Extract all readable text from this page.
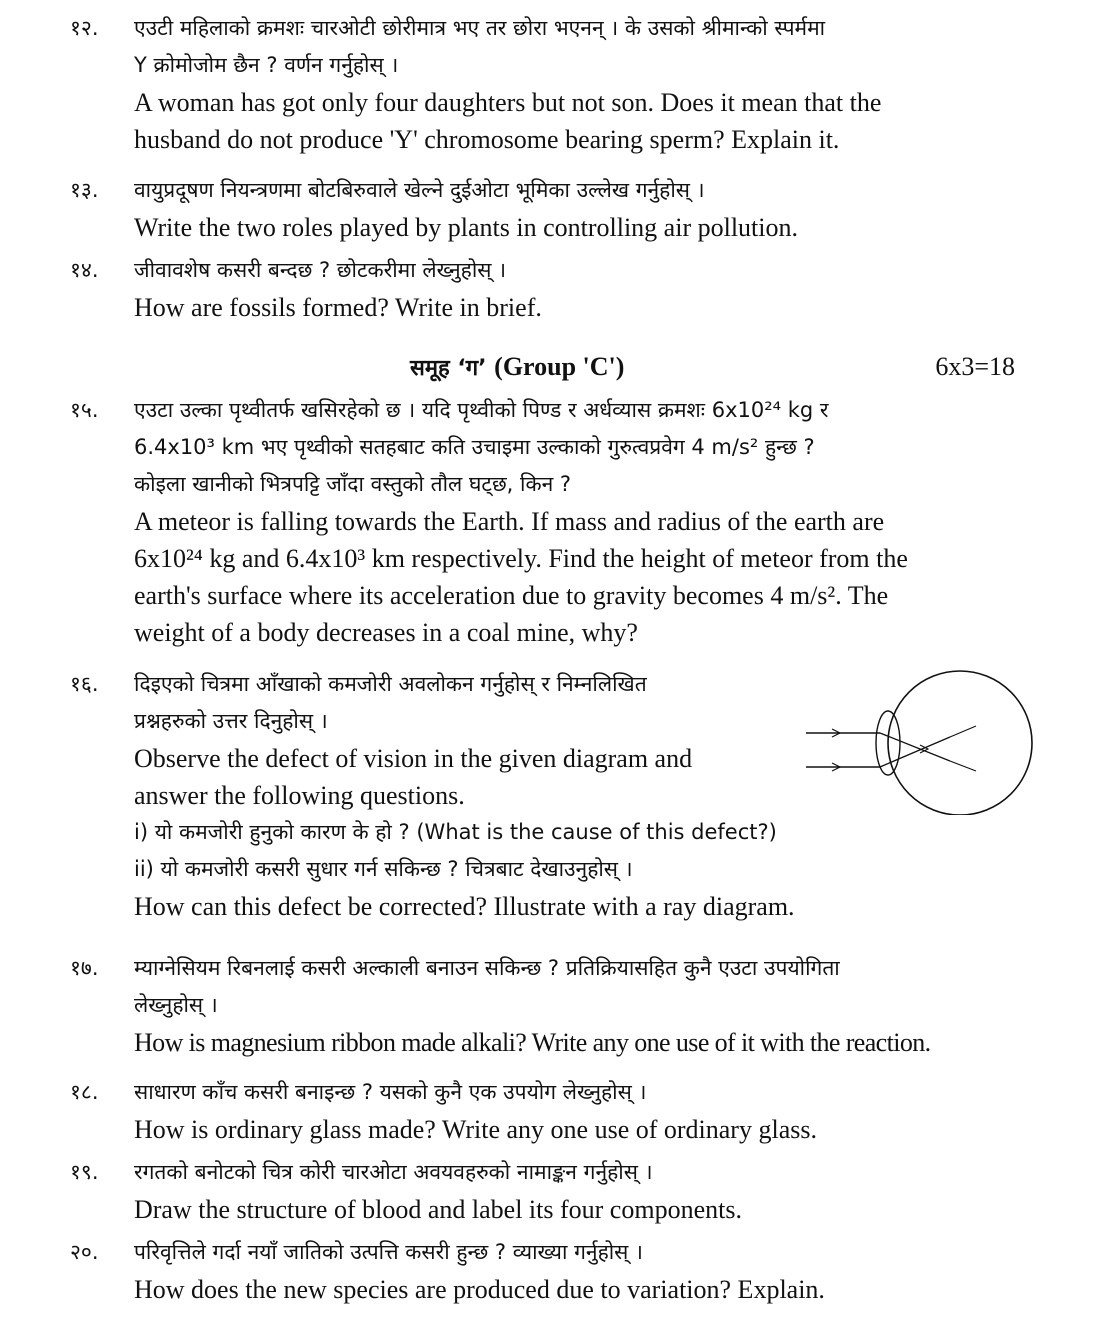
१२.	एउटी महिलाको क्रमशः चारओटी छोरीमात्र भए तर छोरा भएनन् । के उसको श्रीमान्को स्पर्ममा

Y क्रोमोजोम छैन ? वर्णन गर्नुहोस् ।

A woman has got only four daughters but not son. Does it mean that the

husband do not produce 'Y' chromosome bearing sperm? Explain it.

१३.	वायुप्रदूषण नियन्त्रणमा बोटबिरुवाले खेल्ने दुईओटा भूमिका उल्लेख गर्नुहोस् ।

Write the two roles played by plants in controlling air pollution.

१४.	जीवावशेष कसरी बन्दछ ? छोटकरीमा लेख्नुहोस् ।

How are fossils formed? Write in brief.

समूह ‘ग’ (Group 'C')	6x3=18
१५.	एउटा उल्का पृथ्वीतर्फ खसिरहेको छ । यदि पृथ्वीको पिण्ड र अर्धव्यास क्रमशः 6x10²⁴ kg र

6.4x10³ km भए पृथ्वीको सतहबाट कति उचाइमा उल्काको गुरुत्वप्रवेग 4 m/s² हुन्छ ?

कोइला खानीको भित्रपट्टि जाँदा वस्तुको तौल घट्छ, किन ?

A meteor is falling towards the Earth. If mass and radius of the earth are

6x10²⁴ kg and 6.4x10³ km respectively. Find the height of meteor from the

earth's surface where its acceleration due to gravity becomes 4 m/s². The

weight of a body decreases in a coal mine, why?

१६.	दिइएको चित्रमा आँखाको कमजोरी अवलोकन गर्नुहोस् र निम्नलिखित

प्रश्नहरुको उत्तर दिनुहोस् ।

Observe the defect of vision in the given diagram and

answer the following questions.

i) यो कमजोरी हुनुको कारण के हो ? (What is the cause of this defect?)

ii) यो कमजोरी कसरी सुधार गर्न सकिन्छ ? चित्रबाट देखाउनुहोस् ।

How can this defect be corrected? Illustrate with a ray diagram.

१७.	म्याग्नेसियम रिबनलाई कसरी अल्काली बनाउन सकिन्छ ? प्रतिक्रियासहित कुनै एउटा उपयोगिता

लेख्नुहोस् ।

How is magnesium ribbon made alkali? Write any one use of it with the reaction.

१८.	साधारण काँच कसरी बनाइन्छ ? यसको कुनै एक उपयोग लेख्नुहोस् ।

How is ordinary glass made? Write any one use of ordinary glass.

१९.	रगतको बनोटको चित्र कोरी चारओटा अवयवहरुको नामाङ्कन गर्नुहोस् ।

Draw the structure of blood and label its four components.

२०.	परिवृत्तिले गर्दा नयाँ जातिको उत्पत्ति कसरी हुन्छ ? व्याख्या गर्नुहोस् ।

How does the new species are produced due to variation? Explain.
